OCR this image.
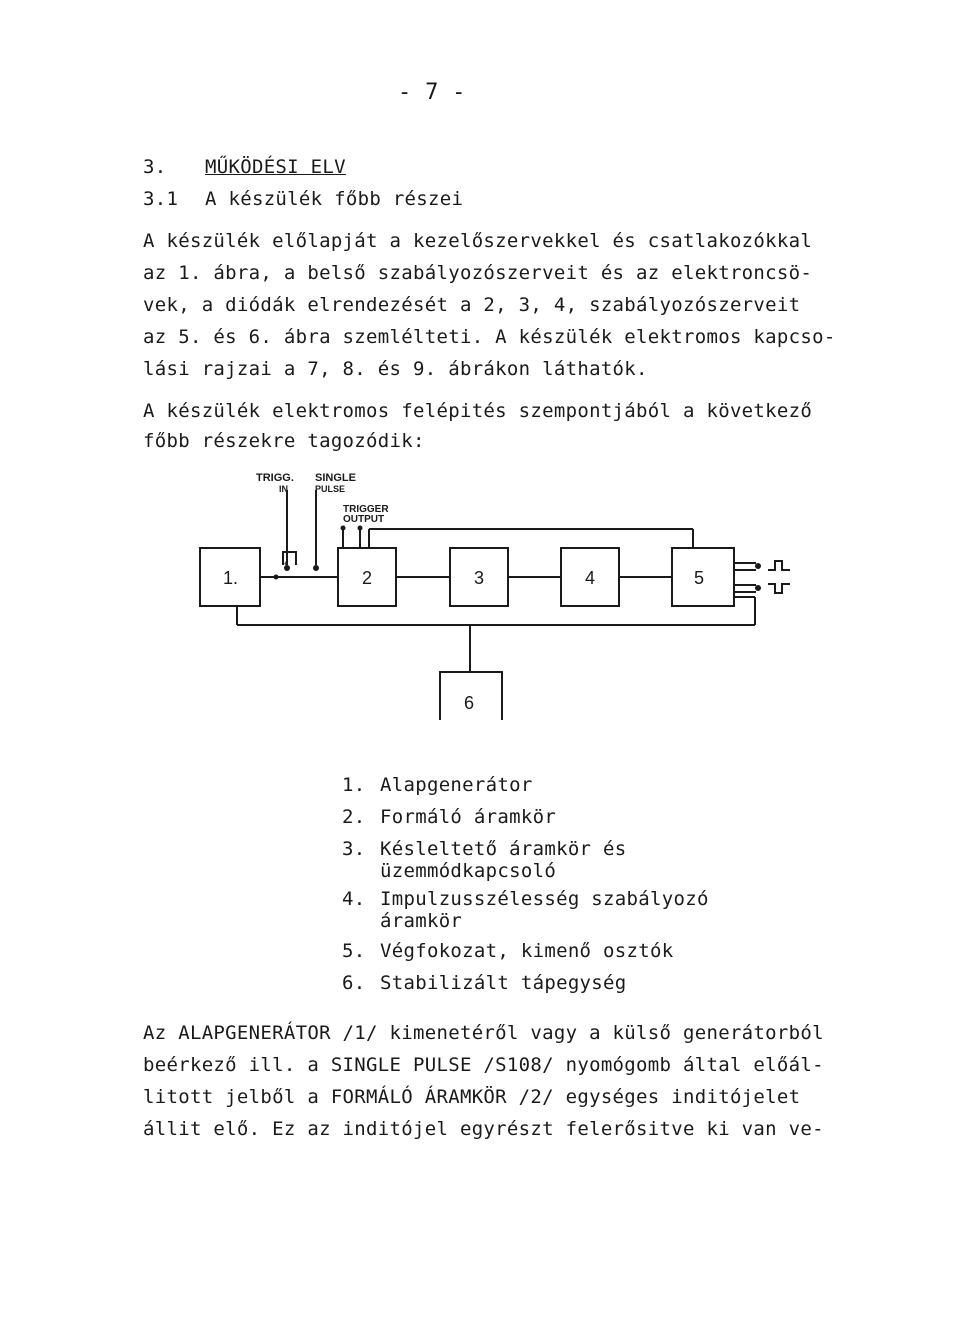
- 7 -
3. MŰKÖDÉSI ELV
3.1 A készülék főbb részei
A készülék előlapját a kezelőszervekkel és csatlakozókkal
az 1. ábra, a belső szabályozószerveit és az elektroncsö-
vek, a diódák elrendezését a 2, 3, 4, szabályozószerveit
az 5. és 6. ábra szemlélteti. A készülék elektromos kapcso-
lási rajzai a 7, 8. és 9. ábrákon láthatók.
A készülék elektromos felépités szempontjából a következő
főbb részekre tagozódik:
+
TRIGG.
IN
SINGLE
PULSE
TRIGGER
OUTPUT
1.	2	3	4	5
6
1. Alapgenerátor
2. Formáló áramkör
3. Késleltető áramkör és
üzemmódkapcsoló
4. Impulzusszélesség szabályozó
áramkör
5. Végfokozat, kimenő osztók
6. Stabilizált tápegység
Az ALAPGENERÁTOR /1/ kimenetéről vagy a külső generátorból
beérkező ill. a SINGLE PULSE /S108/ nyomógomb által előál-
litott jelből a FORMÁLÓ ÁRAMKÖR /2/ egységes inditójelet
állit elő. Ez az inditójel egyrészt felerősitve ki van ve-
